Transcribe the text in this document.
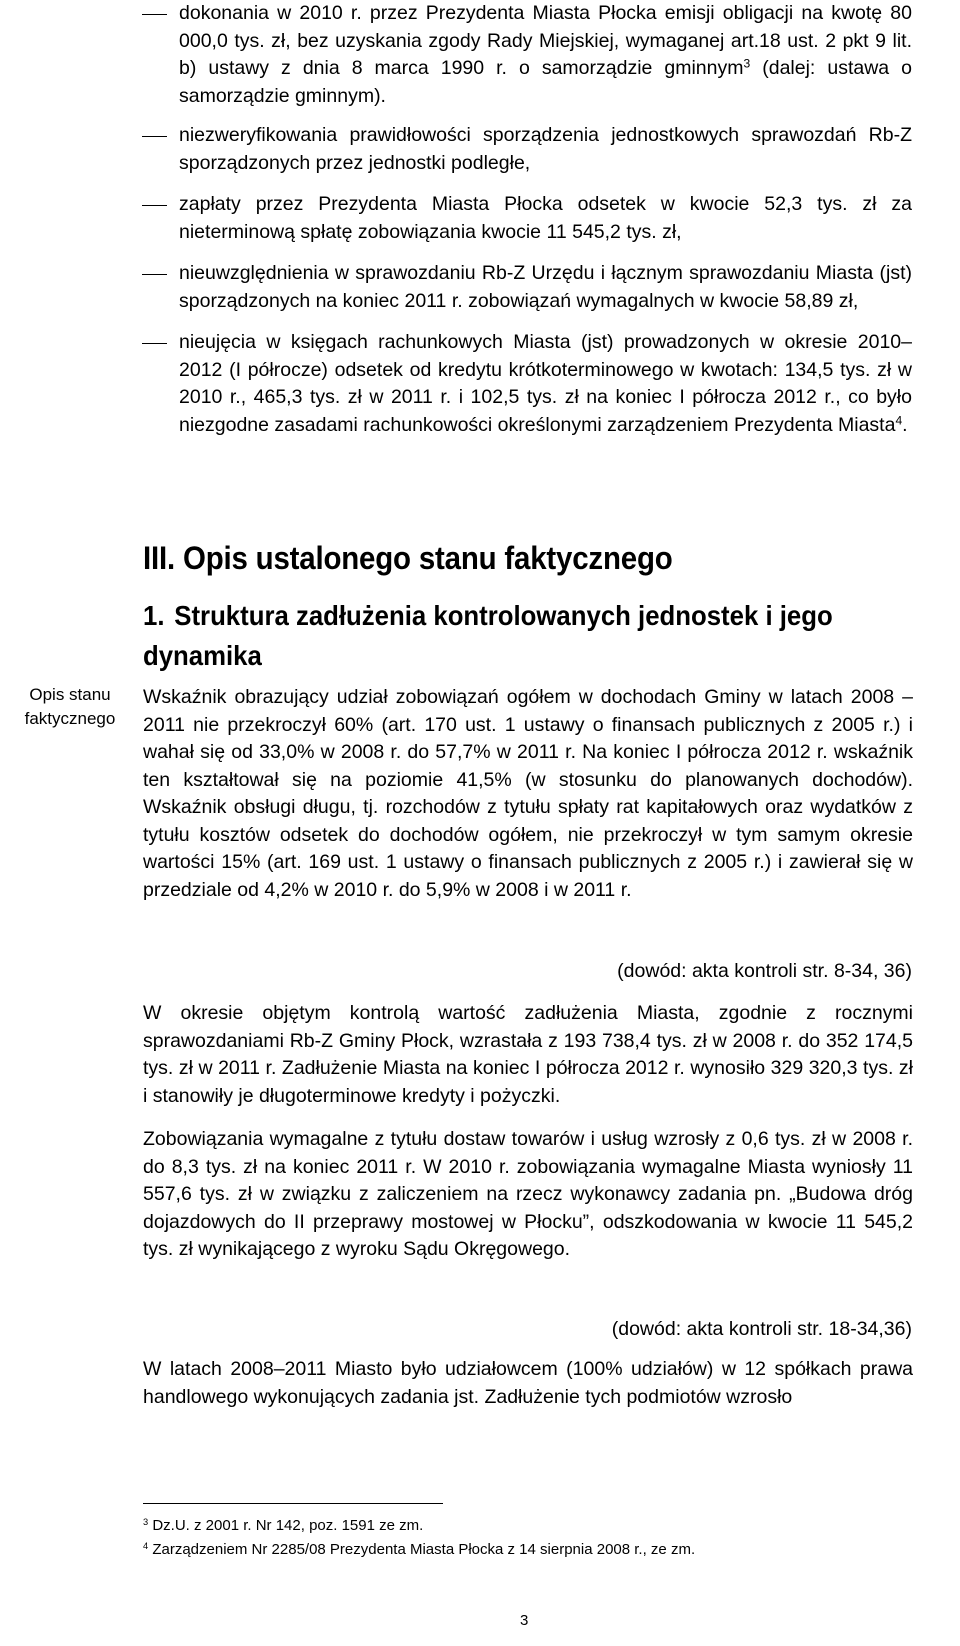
dokonania w 2010 r. przez Prezydenta Miasta Płocka emisji obligacji na kwotę 80 000,0 tys. zł, bez uzyskania zgody Rady Miejskiej, wymaganej art.18 ust. 2 pkt 9 lit. b) ustawy z dnia 8 marca 1990 r. o samorządzie gminnym$^3$ (dalej: ustawa o samorządzie gminnym).

niezweryfikowania prawidłowości sporządzenia jednostkowych sprawozdań Rb-Z sporządzonych przez jednostki podległe,

zapłaty przez Prezydenta Miasta Płocka odsetek w kwocie 52,3 tys. zł za nieterminową spłatę zobowiązania kwocie 11 545,2 tys. zł,

nieuwzględnienia w sprawozdaniu Rb-Z Urzędu i łącznym sprawozdaniu Miasta (jst) sporządzonych na koniec 2011 r. zobowiązań wymagalnych w kwocie 58,89 zł,

nieujęcia w księgach rachunkowych Miasta (jst) prowadzonych w okresie 2010– 2012 (I półrocze) odsetek od kredytu krótkoterminowego w kwotach: 134,5 tys. zł w 2010 r., 465,3 tys. zł w 2011 r. i 102,5 tys. zł na koniec I półrocza 2012 r., co było niezgodne zasadami rachunkowości określonymi zarządzeniem Prezydenta Miasta$^4$.

III. Opis ustalonego stanu faktycznego
1. Struktura zadłużenia kontrolowanych jednostek i jego dynamika
Opis stanu faktycznego

Wskaźnik obrazujący udział zobowiązań ogółem w dochodach Gminy w latach 2008 – 2011 nie przekroczył 60% (art. 170 ust. 1 ustawy o finansach publicznych z 2005 r.) i wahał się od 33,0% w 2008 r. do 57,7% w 2011 r. Na koniec I półrocza 2012 r. wskaźnik ten kształtował się na poziomie 41,5% (w stosunku do planowanych dochodów). Wskaźnik obsługi długu, tj. rozchodów z tytułu spłaty rat kapitałowych oraz wydatków z tytułu kosztów odsetek do dochodów ogółem, nie przekroczył w tym samym okresie wartości 15% (art. 169 ust. 1 ustawy o finansach publicznych z 2005 r.) i zawierał się w przedziale od 4,2% w 2010 r. do 5,9% w 2008 i w 2011 r.

(dowód: akta kontroli str. 8-34, 36)

W okresie objętym kontrolą wartość zadłużenia Miasta, zgodnie z rocznymi sprawozdaniami Rb-Z Gminy Płock, wzrastała z 193 738,4 tys. zł w 2008 r. do 352 174,5 tys. zł w 2011 r. Zadłużenie Miasta na koniec I półrocza 2012 r. wynosiło 329 320,3 tys. zł i stanowiły je długoterminowe kredyty i pożyczki.

Zobowiązania wymagalne z tytułu dostaw towarów i usług wzrosły z 0,6 tys. zł w 2008 r. do 8,3 tys. zł na koniec 2011 r. W 2010 r. zobowiązania wymagalne Miasta wyniosły 11 557,6 tys. zł w związku z zaliczeniem na rzecz wykonawcy zadania pn. „Budowa dróg dojazdowych do II przeprawy mostowej w Płocku”, odszkodowania w kwocie 11 545,2 tys. zł wynikającego z wyroku Sądu Okręgowego.

(dowód: akta kontroli str. 18-34,36)

W latach 2008–2011 Miasto było udziałowcem (100% udziałów) w 12 spółkach prawa handlowego wykonujących zadania jst. Zadłużenie tych podmiotów wzrosło

$^3$ Dz.U. z 2001 r. Nr 142, poz. 1591 ze zm.
$^4$ Zarządzeniem Nr 2285/08 Prezydenta Miasta Płocka z 14 sierpnia 2008 r., ze zm.
3
